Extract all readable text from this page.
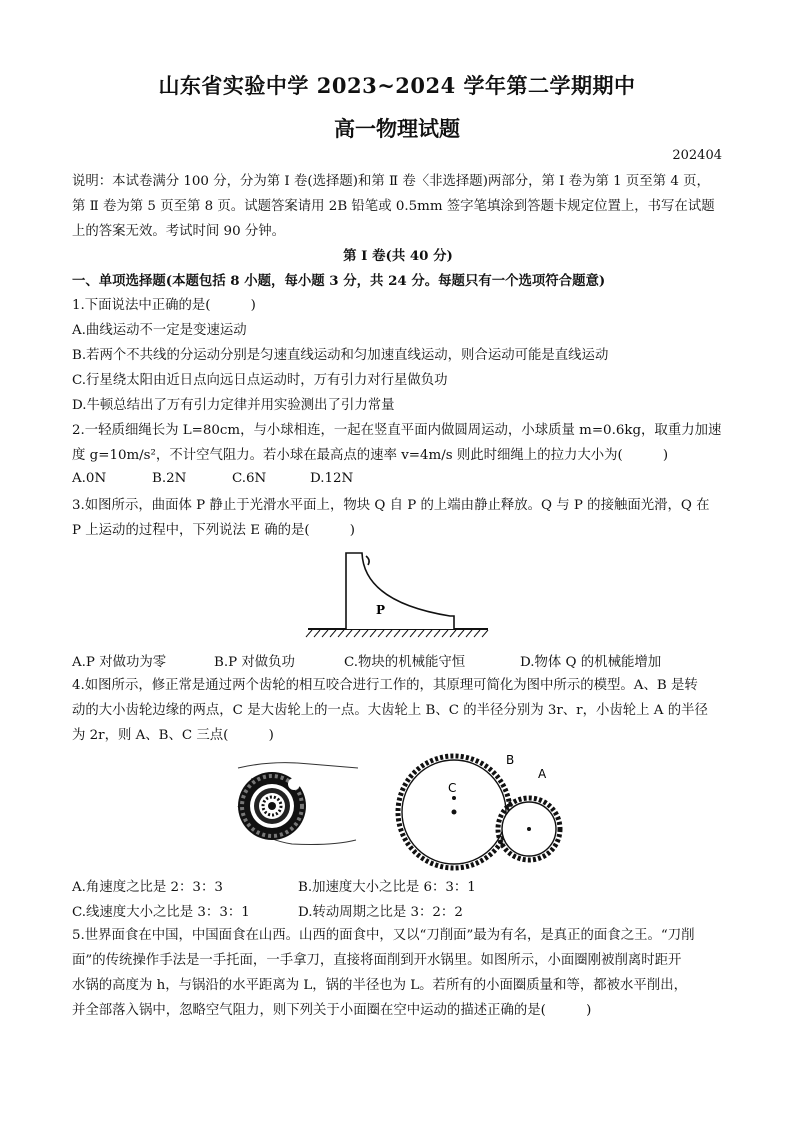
山东省实验中学 2023~2024 学年第二学期期中
高一物理试题
202404
说明：本试卷满分 100 分，分为第 Ⅰ 卷(选择题)和第 Ⅱ 卷〈非选择题)两部分，第 Ⅰ 卷为第 1 页至第 4 页，
第 Ⅱ 卷为第 5 页至第 8 页。试题答案请用 2B 铅笔或 0.5mm 签字笔填涂到答题卡规定位置上，书写在试题
上的答案无效。考试时间 90 分钟。
第 Ⅰ 卷(共 40 分)
一、单项选择题(本题包括 8 小题，每小题 3 分，共 24 分。每题只有一个选项符合题意)
1.下面说法中正确的是(　　　)
A.曲线运动不一定是变速运动
B.若两个不共线的分运动分别是匀速直线运动和匀加速直线运动，则合运动可能是直线运动
C.行星绕太阳由近日点向远日点运动时，万有引力对行星做负功
D.牛顿总结出了万有引力定律并用实验测出了引力常量
2.一轻质细绳长为 L=80cm，与小球相连，一起在竖直平面内做圆周运动，小球质量 m=0.6kg，取重力加速
度 g=10m/s²，不计空气阻力。若小球在最高点的速率 v=4m/s 则此时细绳上的拉力大小为(　　　)
A.0N	B.2N	C.6N	D.12N
3.如图所示，曲面体 P 静止于光滑水平面上，物块 Q 自 P 的上端由静止释放。Q 与 P 的接触面光滑，Q 在
P 上运动的过程中，下列说法 E 确的是(　　　)
P
A.P 对做功为零	B.P 对做负功	C.物块的机械能守恒	D.物体 Q 的机械能增加
4.如图所示，修正常是通过两个齿轮的相互咬合进行工作的，其原理可简化为图中所示的模型。A、B 是转
动的大小齿轮边缘的两点，C 是大齿轮上的一点。大齿轮上 B、C 的半径分别为 3r、r，小齿轮上 A 的半径
为 2r，则 A、B、C 三点(　　　)
C
B
A
A.角速度之比是 2：3：3	B.加速度大小之比是 6：3：1
C.线速度大小之比是 3：3：1	D.转动周期之比是 3：2：2
5.世界面食在中国，中国面食在山西。山西的面食中，又以“刀削面”最为有名，是真正的面食之王。“刀削
面”的传统操作手法是一手托面，一手拿刀，直接将面削到开水锅里。如图所示，小面圈刚被削离时距开
水锅的高度为 h，与锅沿的水平距离为 L，锅的半径也为 L。若所有的小面圈质量和等，都被水平削出，
并全部落入锅中，忽略空气阻力，则下列关于小面圈在空中运动的描述正确的是(　　　)
